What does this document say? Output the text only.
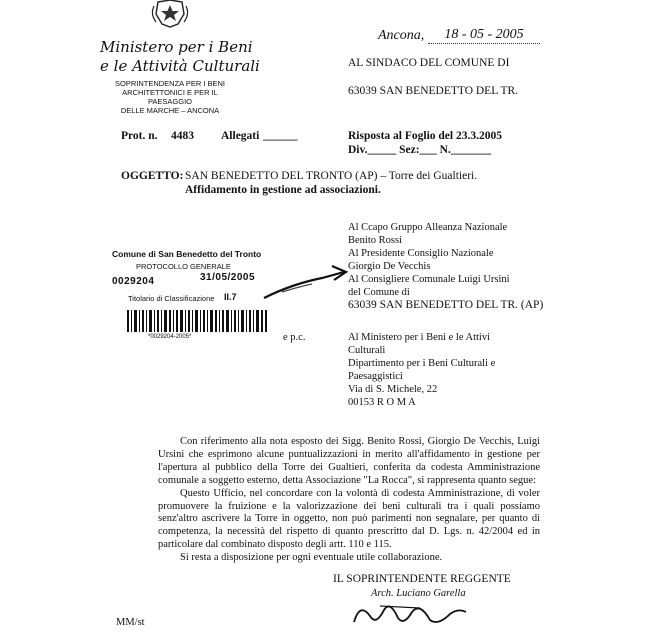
Ministero per i Beni
e le Attività Culturali
SOPRINTENDENZA PER I BENI
ARCHITETTONICI E PER IL PAESAGGIO
DELLE MARCHE – ANCONA
Ancona,	18 - 05 - 2005
AL SINDACO DEL COMUNE DI
63039 SAN BENEDETTO DEL TR.
Prot. n. 4483 Allegati ______	Risposta al Foglio del 23.3.2005
Div._____ Sez:___ N._______
OGGETTO: SAN BENEDETTO DEL TRONTO (AP) – Torre dei Gualtieri.
Affidamento in gestione ad associazioni.
Al Ccapo Gruppo Alleanza Nazionale
Benito Rossi
Al Presidente Consiglio Nazionale
Giorgio De Vecchis
Al Consigliere Comunale Luigi Ursini
del Comune di
63039 SAN BENEDETTO DEL TR. (AP)
Comune di San Benedetto del Tronto
PROTOCOLLO GENERALE
0029204	31/05/2005
Titolario di Classificazione II.7
*0029204-2005*	e p.c.	Al Ministero per i Beni e le Attivi
Culturali
Dipartimento per i Beni Culturali e
Paesaggistici
Via di S. Michele, 22
00153 R O M A

Con riferimento alla nota esposto dei Sigg. Benito Rossi, Giorgio De Vecchis, Luigi Ursini che esprimono alcune puntualizzazioni in merito all'affidamento in gestione per l'apertura al pubblico della Torre dei Gualtieri, conferita da codesta Amministrazione comunale a soggetto esterno, detta Associazione "La Rocca", si rappresenta quanto segue:

Questo Ufficio, nel concordare con la volontà di codesta Amministrazione, di voler promuovere la fruizione e la valorizzazione dei beni culturali tra i quali possiamo senz'altro ascrivere la Torre in oggetto, non può parimenti non segnalare, per quanto di competenza, la necessità del rispetto di quanto prescritto dal D. Lgs. n. 42/2004 ed in particolare dal combinato disposto degli artt. 110 e 115.

Si resta a disposizione per ogni eventuale utile collaborazione.

IL SOPRINTENDENTE REGGENTE
Arch. Luciano Garella
MM/st
